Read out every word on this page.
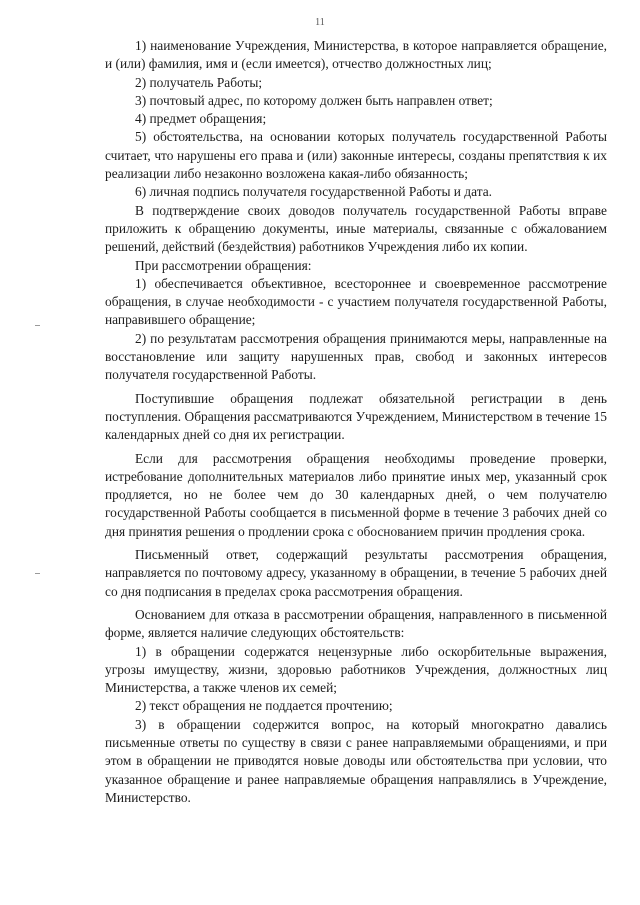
11

1) наименование Учреждения, Министерства, в которое направляется обращение, и (или) фамилия, имя и (если имеется), отчество должностных лиц;

2) получатель Работы;

3) почтовый адрес, по которому должен быть направлен ответ;

4) предмет обращения;

5) обстоятельства, на основании которых получатель государственной Работы считает, что нарушены его права и (или) законные интересы, созданы препятствия к их реализации либо незаконно возложена какая-либо обязанность;

6) личная подпись получателя государственной Работы и дата.

В подтверждение своих доводов получатель государственной Работы вправе приложить к обращению документы, иные материалы, связанные с обжалованием решений, действий (бездействия) работников Учреждения либо их копии.

При рассмотрении обращения:

1) обеспечивается объективное, всестороннее и своевременное рассмотрение обращения, в случае необходимости - с участием получателя государственной Работы, направившего обращение;

2) по результатам рассмотрения обращения принимаются меры, направленные на восстановление или защиту нарушенных прав, свобод и законных интересов получателя государственной Работы.

Поступившие обращения подлежат обязательной регистрации в день поступления. Обращения рассматриваются Учреждением, Министерством в течение 15 календарных дней со дня их регистрации.

Если для рассмотрения обращения необходимы проведение проверки, истребование дополнительных материалов либо принятие иных мер, указанный срок продляется, но не более чем до 30 календарных дней, о чем получателю государственной Работы сообщается в письменной форме в течение 3 рабочих дней со дня принятия решения о продлении срока с обоснованием причин продления срока.

Письменный ответ, содержащий результаты рассмотрения обращения, направляется по почтовому адресу, указанному в обращении, в течение 5 рабочих дней со дня подписания в пределах срока рассмотрения обращения.

Основанием для отказа в рассмотрении обращения, направленного в письменной форме, является наличие следующих обстоятельств:

1) в обращении содержатся нецензурные либо оскорбительные выражения, угрозы имуществу, жизни, здоровью работников Учреждения, должностных лиц Министерства, а также членов их семей;

2) текст обращения не поддается прочтению;

3) в обращении содержится вопрос, на который многократно давались письменные ответы по существу в связи с ранее направляемыми обращениями, и при этом в обращении не приводятся новые доводы или обстоятельства при условии, что указанное обращение и ранее направляемые обращения направлялись в Учреждение, Министерство.
